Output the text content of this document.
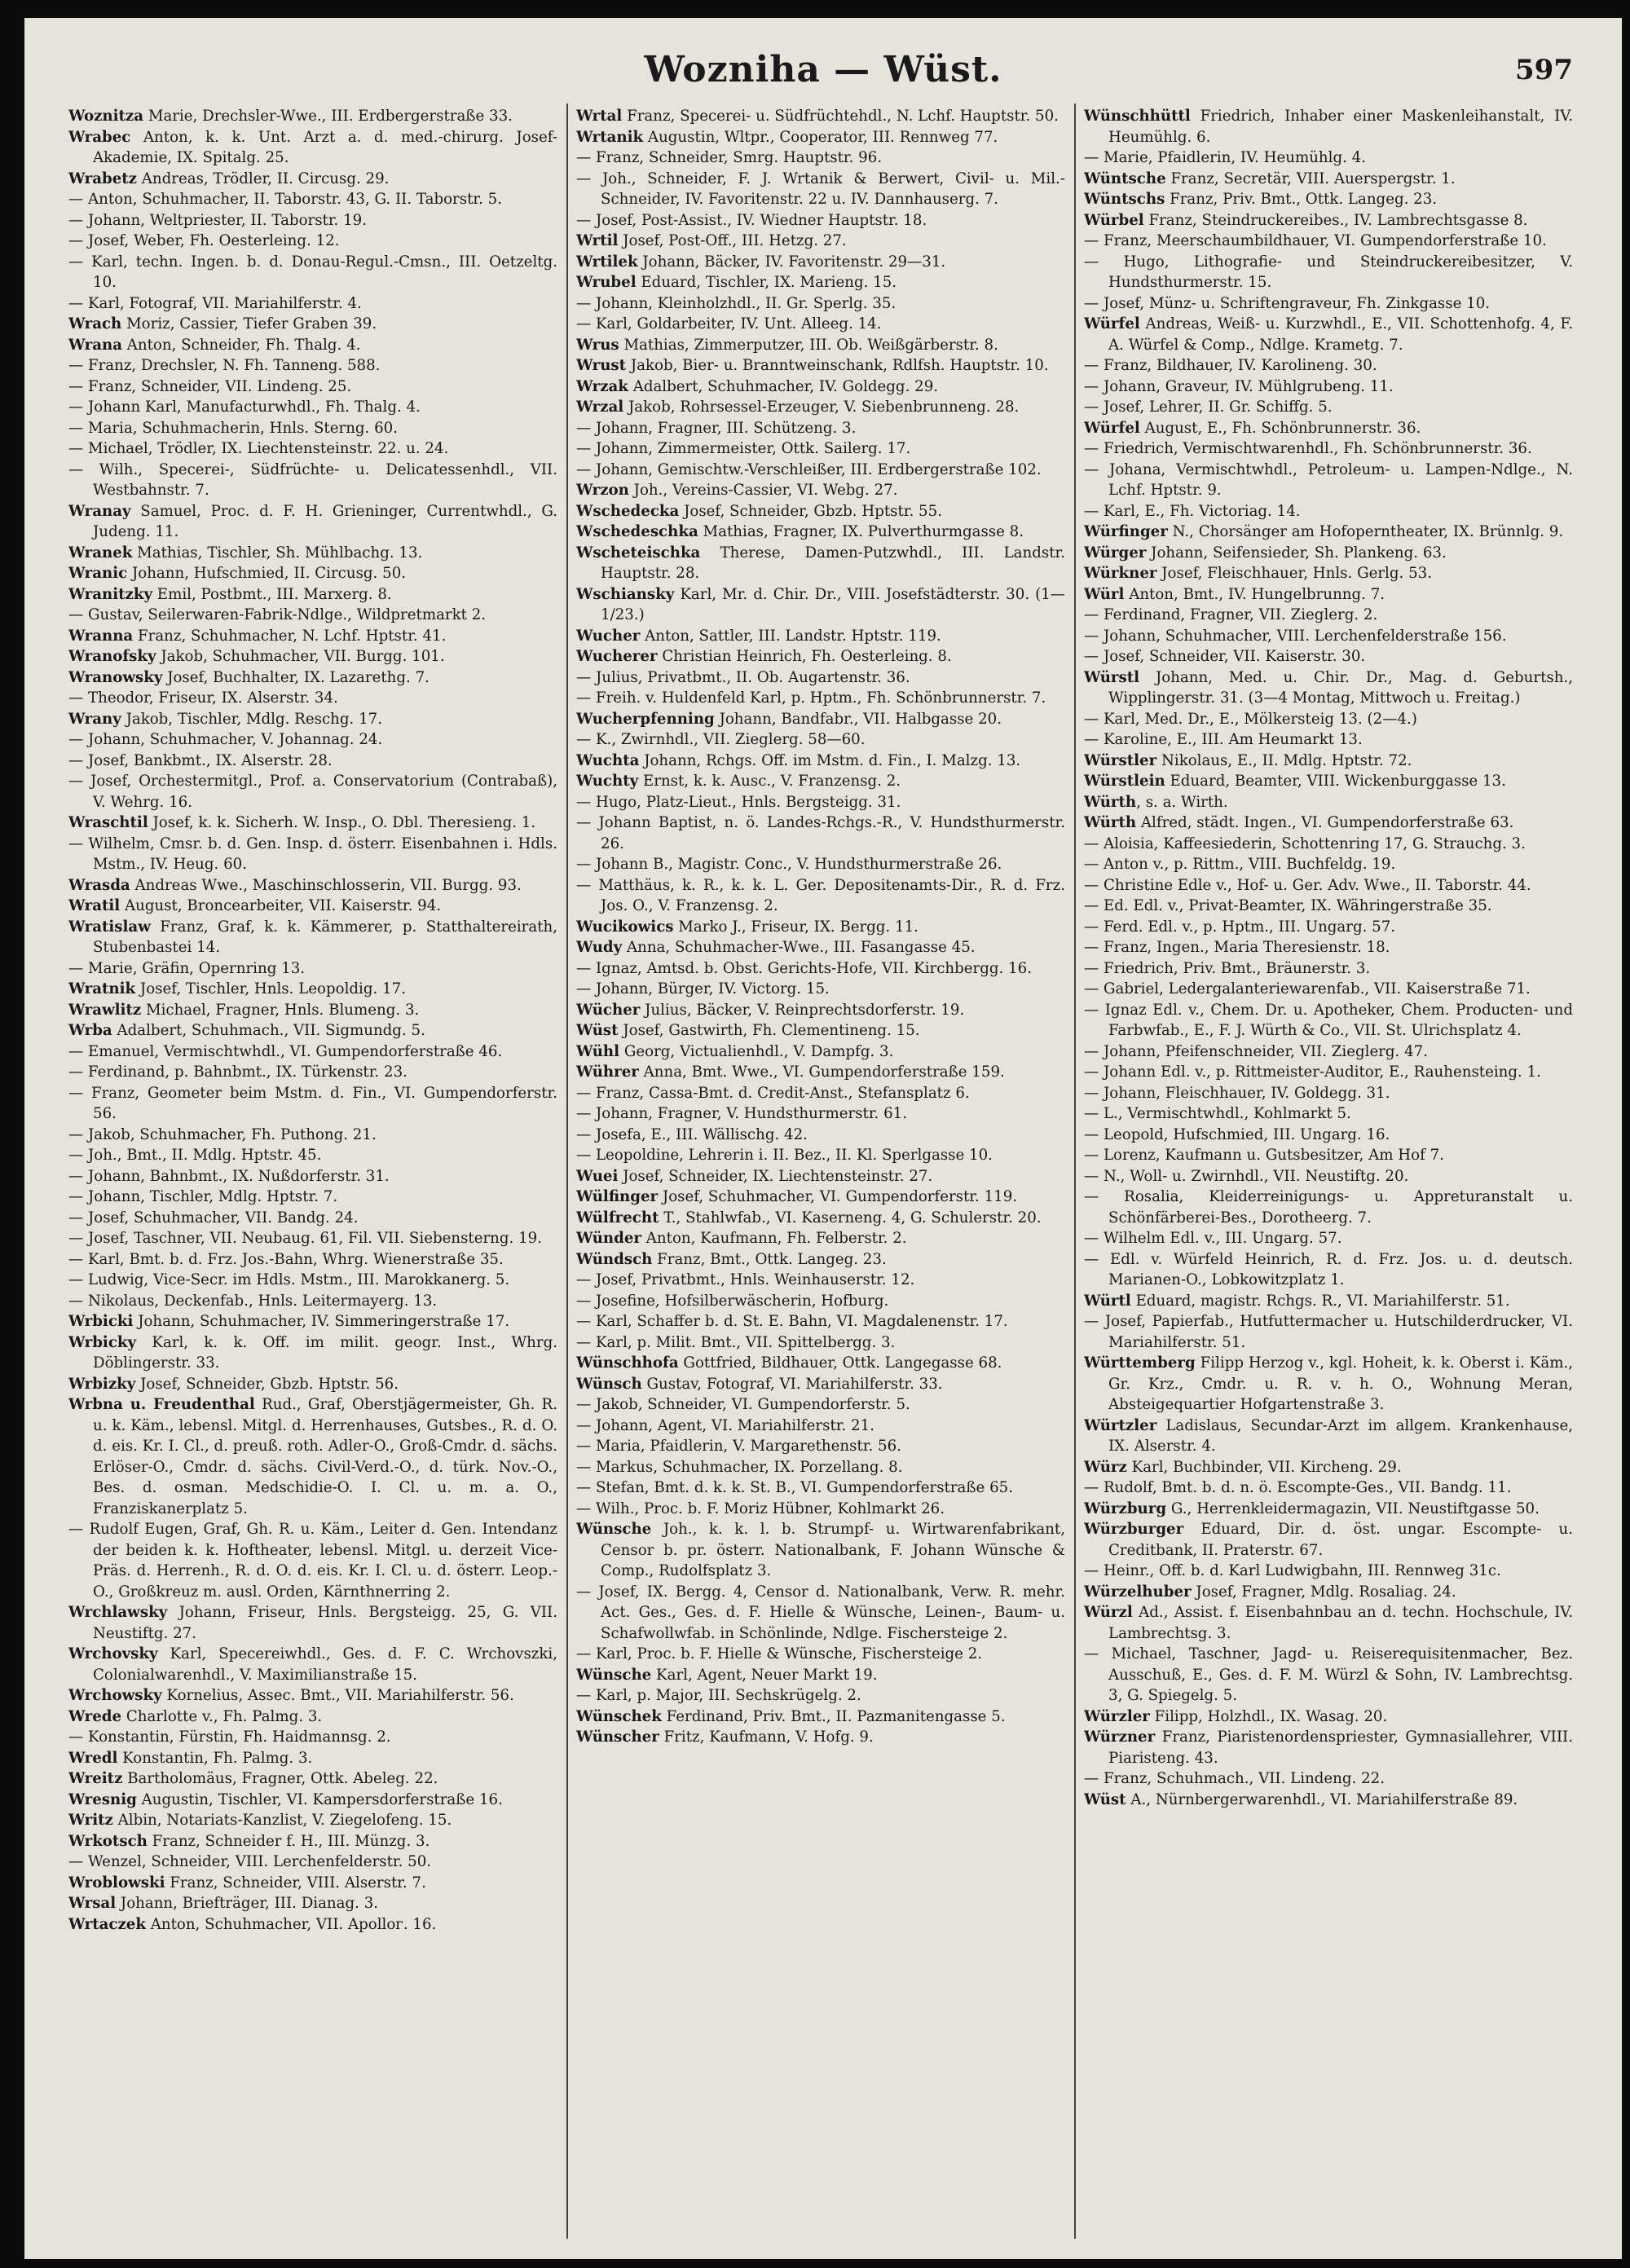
Wozniha — Wüst.	597

Woznitza Marie, Drechsler-Wwe., III. Erdbergerstraße 33.

Wrabec Anton, k. k. Unt. Arzt a. d. med.-chirurg. Josef-Akademie, IX. Spitalg. 25.

Wrabetz Andreas, Trödler, II. Circusg. 29.

— Anton, Schuhmacher, II. Taborstr. 43, G. II. Taborstr. 5.

— Johann, Weltpriester, II. Taborstr. 19.

— Josef, Weber, Fh. Oesterleing. 12.

— Karl, techn. Ingen. b. d. Donau-Regul.-Cmsn., III. Oetzeltg. 10.

— Karl, Fotograf, VII. Mariahilferstr. 4.

Wrach Moriz, Cassier, Tiefer Graben 39.

Wrana Anton, Schneider, Fh. Thalg. 4.

— Franz, Drechsler, N. Fh. Tanneng. 588.

— Franz, Schneider, VII. Lindeng. 25.

— Johann Karl, Manufacturwhdl., Fh. Thalg. 4.

— Maria, Schuhmacherin, Hnls. Sterng. 60.

— Michael, Trödler, IX. Liechtensteinstr. 22. u. 24.

— Wilh., Specerei-, Südfrüchte- u. Delicatessenhdl., VII. Westbahnstr. 7.

Wranay Samuel, Proc. d. F. H. Grieninger, Currentwhdl., G. Judeng. 11.

Wranek Mathias, Tischler, Sh. Mühlbachg. 13.

Wranic Johann, Hufschmied, II. Circusg. 50.

Wranitzky Emil, Postbmt., III. Marxerg. 8.

— Gustav, Seilerwaren-Fabrik-Ndlge., Wildpretmarkt 2.

Wranna Franz, Schuhmacher, N. Lchf. Hptstr. 41.

Wranofsky Jakob, Schuhmacher, VII. Burgg. 101.

Wranowsky Josef, Buchhalter, IX. Lazarethg. 7.

— Theodor, Friseur, IX. Alserstr. 34.

Wrany Jakob, Tischler, Mdlg. Reschg. 17.

— Johann, Schuhmacher, V. Johannag. 24.

— Josef, Bankbmt., IX. Alserstr. 28.

— Josef, Orchestermitgl., Prof. a. Conservatorium (Contrabaß), V. Wehrg. 16.

Wraschtil Josef, k. k. Sicherh. W. Insp., O. Dbl. Theresieng. 1.

— Wilhelm, Cmsr. b. d. Gen. Insp. d. österr. Eisenbahnen i. Hdls. Mstm., IV. Heug. 60.

Wrasda Andreas Wwe., Maschinschlosserin, VII. Burgg. 93.

Wratil August, Broncearbeiter, VII. Kaiserstr. 94.

Wratislaw Franz, Graf, k. k. Kämmerer, p. Statthaltereirath, Stubenbastei 14.

— Marie, Gräfin, Opernring 13.

Wratnik Josef, Tischler, Hnls. Leopoldig. 17.

Wrawlitz Michael, Fragner, Hnls. Blumeng. 3.

Wrba Adalbert, Schuhmach., VII. Sigmundg. 5.

— Emanuel, Vermischtwhdl., VI. Gumpendorferstraße 46.

— Ferdinand, p. Bahnbmt., IX. Türkenstr. 23.

— Franz, Geometer beim Mstm. d. Fin., VI. Gumpendorferstr. 56.

— Jakob, Schuhmacher, Fh. Puthong. 21.

— Joh., Bmt., II. Mdlg. Hptstr. 45.

— Johann, Bahnbmt., IX. Nußdorferstr. 31.

— Johann, Tischler, Mdlg. Hptstr. 7.

— Josef, Schuhmacher, VII. Bandg. 24.

— Josef, Taschner, VII. Neubaug. 61, Fil. VII. Siebensterng. 19.

— Karl, Bmt. b. d. Frz. Jos.-Bahn, Whrg. Wienerstraße 35.

— Ludwig, Vice-Secr. im Hdls. Mstm., III. Marokkanerg. 5.

— Nikolaus, Deckenfab., Hnls. Leitermayerg. 13.

Wrbicki Johann, Schuhmacher, IV. Simmeringerstraße 17.

Wrbicky Karl, k. k. Off. im milit. geogr. Inst., Whrg. Döblingerstr. 33.

Wrbizky Josef, Schneider, Gbzb. Hptstr. 56.

Wrbna u. Freudenthal Rud., Graf, Oberstjägermeister, Gh. R. u. k. Käm., lebensl. Mitgl. d. Herrenhauses, Gutsbes., R. d. O. d. eis. Kr. I. Cl., d. preuß. roth. Adler-O., Groß-Cmdr. d. sächs. Erlöser-O., Cmdr. d. sächs. Civil-Verd.-O., d. türk. Nov.-O., Bes. d. osman. Medschidie-O. I. Cl. u. m. a. O., Franziskanerplatz 5.

— Rudolf Eugen, Graf, Gh. R. u. Käm., Leiter d. Gen. Intendanz der beiden k. k. Hoftheater, lebensl. Mitgl. u. derzeit Vice-Präs. d. Herrenh., R. d. O. d. eis. Kr. I. Cl. u. d. österr. Leop.-O., Großkreuz m. ausl. Orden, Kärnthnerring 2.

Wrchlawsky Johann, Friseur, Hnls. Bergsteigg. 25, G. VII. Neustiftg. 27.

Wrchovsky Karl, Specereiwhdl., Ges. d. F. C. Wrchovszki, Colonialwarenhdl., V. Maximilianstraße 15.

Wrchowsky Kornelius, Assec. Bmt., VII. Mariahilferstr. 56.

Wrede Charlotte v., Fh. Palmg. 3.

— Konstantin, Fürstin, Fh. Haidmannsg. 2.

Wredl Konstantin, Fh. Palmg. 3.

Wreitz Bartholomäus, Fragner, Ottk. Abeleg. 22.

Wresnig Augustin, Tischler, VI. Kampersdorferstraße 16.

Writz Albin, Notariats-Kanzlist, V. Ziegelofeng. 15.

Wrkotsch Franz, Schneider f. H., III. Münzg. 3.

— Wenzel, Schneider, VIII. Lerchenfelderstr. 50.

Wroblowski Franz, Schneider, VIII. Alserstr. 7.

Wrsal Johann, Briefträger, III. Dianag. 3.

Wrtaczek Anton, Schuhmacher, VII. Apolloг. 16.

Wrtal Franz, Specerei- u. Südfrüchtehdl., N. Lchf. Hauptstr. 50.

Wrtanik Augustin, Wltpr., Cooperator, III. Rennweg 77.

— Franz, Schneider, Smrg. Hauptstr. 96.

— Joh., Schneider, F. J. Wrtanik & Berwert, Civil- u. Mil.-Schneider, IV. Favoritenstr. 22 u. IV. Dannhauserg. 7.

— Josef, Post-Assist., IV. Wiedner Hauptstr. 18.

Wrtil Josef, Post-Off., III. Hetzg. 27.

Wrtilek Johann, Bäcker, IV. Favoritenstr. 29—31.

Wrubel Eduard, Tischler, IX. Marieng. 15.

— Johann, Kleinholzhdl., II. Gr. Sperlg. 35.

— Karl, Goldarbeiter, IV. Unt. Alleeg. 14.

Wrus Mathias, Zimmerputzer, III. Ob. Weißgärberstr. 8.

Wrust Jakob, Bier- u. Branntweinschank, Rdlfsh. Hauptstr. 10.

Wrzak Adalbert, Schuhmacher, IV. Goldegg. 29.

Wrzal Jakob, Rohrsessel-Erzeuger, V. Siebenbrunneng. 28.

— Johann, Fragner, III. Schützeng. 3.

— Johann, Zimmermeister, Ottk. Sailerg. 17.

— Johann, Gemischtw.-Verschleißer, III. Erdbergerstraße 102.

Wrzon Joh., Vereins-Cassier, VI. Webg. 27.

Wschedecka Josef, Schneider, Gbzb. Hptstr. 55.

Wschedeschka Mathias, Fragner, IX. Pulverthurmgasse 8.

Wscheteischka Therese, Damen-Putzwhdl., III. Landstr. Hauptstr. 28.

Wschiansky Karl, Mr. d. Chir. Dr., VIII. Josefstädterstr. 30. (1—1/23.)

Wucher Anton, Sattler, III. Landstr. Hptstr. 119.

Wucherer Christian Heinrich, Fh. Oesterleing. 8.

— Julius, Privatbmt., II. Ob. Augartenstr. 36.

— Freih. v. Huldenfeld Karl, p. Hptm., Fh. Schönbrunnerstr. 7.

Wucherpfenning Johann, Bandfabr., VII. Halbgasse 20.

— K., Zwirnhdl., VII. Zieglerg. 58—60.

Wuchta Johann, Rchgs. Off. im Mstm. d. Fin., I. Malzg. 13.

Wuchty Ernst, k. k. Ausc., V. Franzensg. 2.

— Hugo, Platz-Lieut., Hnls. Bergsteigg. 31.

— Johann Baptist, n. ö. Landes-Rchgs.-R., V. Hundsthurmerstr. 26.

— Johann B., Magistr. Conc., V. Hundsthurmerstraße 26.

— Matthäus, k. R., k. k. L. Ger. Depositenamts-Dir., R. d. Frz. Jos. O., V. Franzensg. 2.

Wucikowics Marko J., Friseur, IX. Bergg. 11.

Wudy Anna, Schuhmacher-Wwe., III. Fasangasse 45.

— Ignaz, Amtsd. b. Obst. Gerichts-Hofe, VII. Kirchbergg. 16.

— Johann, Bürger, IV. Victorg. 15.

Wücher Julius, Bäcker, V. Reinprechtsdorferstr. 19.

Wüst Josef, Gastwirth, Fh. Clementineng. 15.

Wühl Georg, Victualienhdl., V. Dampfg. 3.

Wührer Anna, Bmt. Wwe., VI. Gumpendorferstraße 159.

— Franz, Cassa-Bmt. d. Credit-Anst., Stefansplatz 6.

— Johann, Fragner, V. Hundsthurmerstr. 61.

— Josefa, E., III. Wällischg. 42.

— Leopoldine, Lehrerin i. II. Bez., II. Kl. Sperlgasse 10.

Wuei Josef, Schneider, IX. Liechtensteinstr. 27.

Wülfinger Josef, Schuhmacher, VI. Gumpendorferstr. 119.

Wülfrecht T., Stahlwfab., VI. Kaserneng. 4, G. Schulerstr. 20.

Wünder Anton, Kaufmann, Fh. Felberstr. 2.

Wündsch Franz, Bmt., Ottk. Langeg. 23.

— Josef, Privatbmt., Hnls. Weinhauserstr. 12.

— Josefine, Hofsilberwäscherin, Hofburg.

— Karl, Schaffer b. d. St. E. Bahn, VI. Magdalenenstr. 17.

— Karl, p. Milit. Bmt., VII. Spittelbergg. 3.

Wünschhofa Gottfried, Bildhauer, Ottk. Langegasse 68.

Wünsch Gustav, Fotograf, VI. Mariahilferstr. 33.

— Jakob, Schneider, VI. Gumpendorferstr. 5.

— Johann, Agent, VI. Mariahilferstr. 21.

— Maria, Pfaidlerin, V. Margarethenstr. 56.

— Markus, Schuhmacher, IX. Porzellang. 8.

— Stefan, Bmt. d. k. k. St. B., VI. Gumpendorferstraße 65.

— Wilh., Proc. b. F. Moriz Hübner, Kohlmarkt 26.

Wünsche Joh., k. k. l. b. Strumpf- u. Wirtwarenfabrikant, Censor b. pr. österr. Nationalbank, F. Johann Wünsche & Comp., Rudolfsplatz 3.

— Josef, IX. Bergg. 4, Censor d. Nationalbank, Verw. R. mehr. Act. Ges., Ges. d. F. Hielle & Wünsche, Leinen-, Baum- u. Schafwollwfab. in Schönlinde, Ndlge. Fischersteige 2.

— Karl, Proc. b. F. Hielle & Wünsche, Fischersteige 2.

Wünsche Karl, Agent, Neuer Markt 19.

— Karl, p. Major, III. Sechskrügelg. 2.

Wünschek Ferdinand, Priv. Bmt., II. Pazmanitengasse 5.

Wünscher Fritz, Kaufmann, V. Hofg. 9.

Wünschhüttl Friedrich, Inhaber einer Maskenleihanstalt, IV. Heumühlg. 6.

— Marie, Pfaidlerin, IV. Heumühlg. 4.

Wüntsche Franz, Secretär, VIII. Auerspergstr. 1.

Wüntschs Franz, Priv. Bmt., Ottk. Langeg. 23.

Würbel Franz, Steindruckereibes., IV. Lambrechtsgasse 8.

— Franz, Meerschaumbildhauer, VI. Gumpendorferstraße 10.

— Hugo, Lithografie- und Steindruckereibesitzer, V. Hundsthurmerstr. 15.

— Josef, Münz- u. Schriftengraveur, Fh. Zinkgasse 10.

Würfel Andreas, Weiß- u. Kurzwhdl., E., VII. Schottenhofg. 4, F. A. Würfel & Comp., Ndlge. Krametg. 7.

— Franz, Bildhauer, IV. Karolineng. 30.

— Johann, Graveur, IV. Mühlgrubeng. 11.

— Josef, Lehrer, II. Gr. Schiffg. 5.

Würfel August, E., Fh. Schönbrunnerstr. 36.

— Friedrich, Vermischtwarenhdl., Fh. Schönbrunnerstr. 36.

— Johana, Vermischtwhdl., Petroleum- u. Lampen-Ndlge., N. Lchf. Hptstr. 9.

— Karl, E., Fh. Victoriag. 14.

Würfinger N., Chorsänger am Hofoperntheater, IX. Brünnlg. 9.

Würger Johann, Seifensieder, Sh. Plankeng. 63.

Würkner Josef, Fleischhauer, Hnls. Gerlg. 53.

Würl Anton, Bmt., IV. Hungelbrunng. 7.

— Ferdinand, Fragner, VII. Zieglerg. 2.

— Johann, Schuhmacher, VIII. Lerchenfelderstraße 156.

— Josef, Schneider, VII. Kaiserstr. 30.

Würstl Johann, Med. u. Chir. Dr., Mag. d. Geburtsh., Wipplingerstr. 31. (3—4 Montag, Mittwoch u. Freitag.)

— Karl, Med. Dr., E., Mölkersteig 13. (2—4.)

— Karoline, E., III. Am Heumarkt 13.

Würstler Nikolaus, E., II. Mdlg. Hptstr. 72.

Würstlein Eduard, Beamter, VIII. Wickenburggasse 13.

Würth, s. a. Wirth.

Würth Alfred, städt. Ingen., VI. Gumpendorferstraße 63.

— Aloisia, Kaffeesiederin, Schottenring 17, G. Strauchg. 3.

— Anton v., p. Rittm., VIII. Buchfeldg. 19.

— Christine Edle v., Hof- u. Ger. Adv. Wwe., II. Taborstr. 44.

— Ed. Edl. v., Privat-Beamter, IX. Währingerstraße 35.

— Ferd. Edl. v., p. Hptm., III. Ungarg. 57.

— Franz, Ingen., Maria Theresienstr. 18.

— Friedrich, Priv. Bmt., Bräunerstr. 3.

— Gabriel, Ledergalanteriewarenfab., VII. Kaiserstraße 71.

— Ignaz Edl. v., Chem. Dr. u. Apotheker, Chem. Producten- und Farbwfab., E., F. J. Würth & Co., VII. St. Ulrichsplatz 4.

— Johann, Pfeifenschneider, VII. Zieglerg. 47.

— Johann Edl. v., p. Rittmeister-Auditor, E., Rauhensteing. 1.

— Johann, Fleischhauer, IV. Goldegg. 31.

— L., Vermischtwhdl., Kohlmarkt 5.

— Leopold, Hufschmied, III. Ungarg. 16.

— Lorenz, Kaufmann u. Gutsbesitzer, Am Hof 7.

— N., Woll- u. Zwirnhdl., VII. Neustiftg. 20.

— Rosalia, Kleiderreinigungs- u. Appreturanstalt u. Schönfärberei-Bes., Dorotheerg. 7.

— Wilhelm Edl. v., III. Ungarg. 57.

— Edl. v. Würfeld Heinrich, R. d. Frz. Jos. u. d. deutsch. Marianen-O., Lobkowitzplatz 1.

Würtl Eduard, magistr. Rchgs. R., VI. Mariahilferstr. 51.

— Josef, Papierfab., Hutfuttermacher u. Hutschilderdrucker, VI. Mariahilferstr. 51.

Württemberg Filipp Herzog v., kgl. Hoheit, k. k. Oberst i. Käm., Gr. Krz., Cmdr. u. R. v. h. O., Wohnung Meran, Absteigequartier Hofgartenstraße 3.

Würtzler Ladislaus, Secundar-Arzt im allgem. Krankenhause, IX. Alserstr. 4.

Würz Karl, Buchbinder, VII. Kircheng. 29.

— Rudolf, Bmt. b. d. n. ö. Escompte-Ges., VII. Bandg. 11.

Würzburg G., Herrenkleidermagazin, VII. Neustiftgasse 50.

Würzburger Eduard, Dir. d. öst. ungar. Escompte- u. Creditbank, II. Praterstr. 67.

— Heinr., Off. b. d. Karl Ludwigbahn, III. Rennweg 31c.

Würzelhuber Josef, Fragner, Mdlg. Rosaliag. 24.

Würzl Ad., Assist. f. Eisenbahnbau an d. techn. Hochschule, IV. Lambrechtsg. 3.

— Michael, Taschner, Jagd- u. Reiserequisitenmacher, Bez. Ausschuß, E., Ges. d. F. M. Würzl & Sohn, IV. Lambrechtsg. 3, G. Spiegelg. 5.

Würzler Filipp, Holzhdl., IX. Wasag. 20.

Würzner Franz, Piaristenordenspriester, Gymnasiallehrer, VIII. Piaristeng. 43.

— Franz, Schuhmach., VII. Lindeng. 22.

Wüst A., Nürnbergerwarenhdl., VI. Mariahilferstraße 89.
